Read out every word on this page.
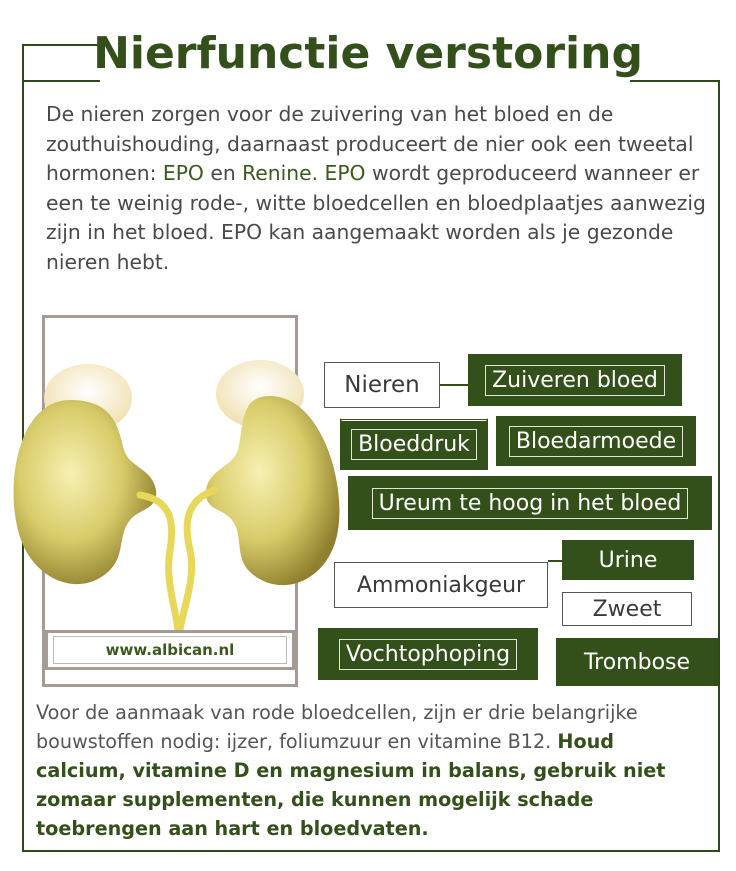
Nierfunctie verstoring

De nieren zorgen voor de zuivering van het bloed en de zouthuishouding, daarnaast produceert de nier ook een tweetal hormonen: EPO en Renine. EPO wordt geproduceerd wanneer er een te weinig rode-, witte bloedcellen en bloedplaatjes aanwezig zijn in het bloed. EPO kan aangemaakt worden als je gezonde nieren hebt.

www.albican.nl
Nieren	Zuiveren bloed
Bloeddruk	Bloedarmoede
Ureum te hoog in het bloed
Urine
Ammoniakgeur
Zweet
Vochtophoping	Trombose

Voor de aanmaak van rode bloedcellen, zijn er drie belangrijke bouwstoffen nodig: ijzer, foliumzuur en vitamine B12. Houd calcium, vitamine D en magnesium in balans, gebruik niet zomaar supplementen, die kunnen mogelijk schade toebrengen aan hart en bloedvaten.
